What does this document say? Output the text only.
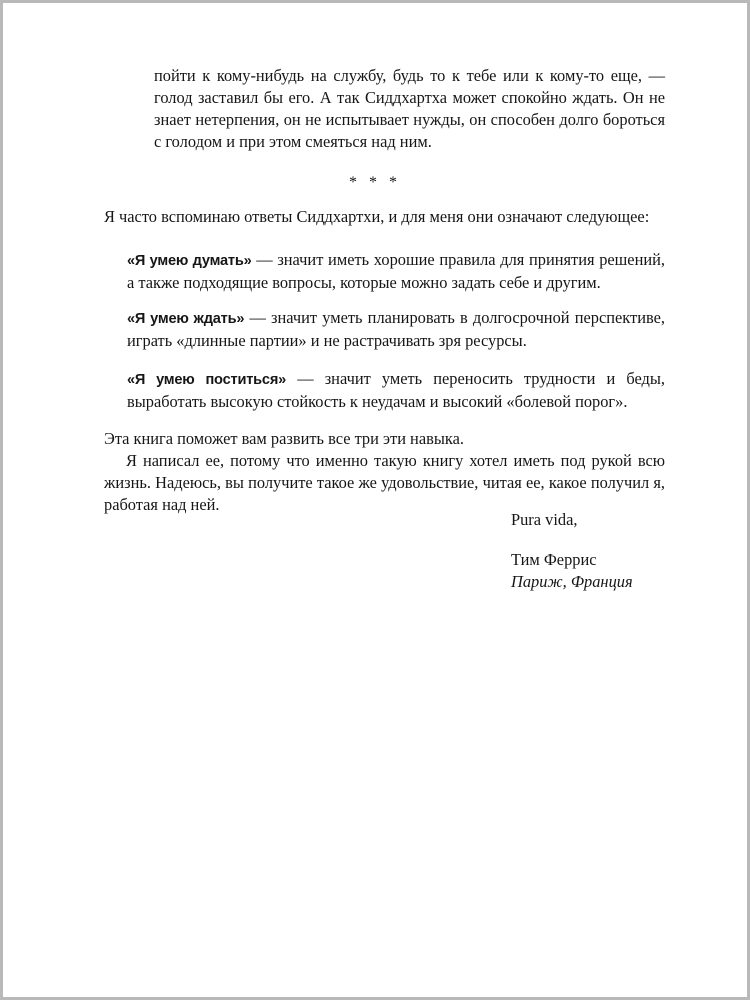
пойти к кому-нибудь на службу, будь то к тебе или к кому-то еще, — голод заставил бы его. А так Сиддхартха может спокойно ждать. Он не знает нетерпения, он не испытывает нужды, он способен долго бороться с голодом и при этом смеяться над ним.

* * *

Я часто вспоминаю ответы Сиддхартхи, и для меня они означают следующее:

«Я умею думать» — значит иметь хорошие правила для принятия решений, а также подходящие вопросы, которые можно задать себе и другим.

«Я умею ждать» — значит уметь планировать в долгосрочной перспективе, играть «длинные партии» и не растрачивать зря ресурсы.

«Я умею поститься» — значит уметь переносить трудности и беды, выработать высокую стойкость к неудачам и высокий «болевой порог».

Эта книга поможет вам развить все три эти навыка.

Я написал ее, потому что именно такую книгу хотел иметь под рукой всю жизнь. Надеюсь, вы получите такое же удовольствие, читая ее, какое получил я, работая над ней.

Pura vida,
Тим Феррис
Париж, Франция
